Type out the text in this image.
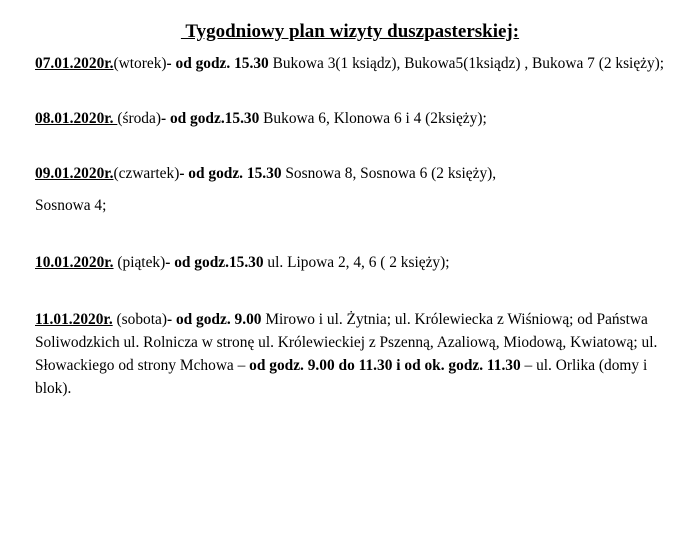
Tygodniowy plan wizyty duszpasterskiej:

07.01.2020r.(wtorek)- od godz. 15.30 Bukowa 3(1 ksiądz), Bukowa5(1ksiądz) , Bukowa 7 (2 księży);

08.01.2020r. (środa)- od godz.15.30 Bukowa 6, Klonowa 6 i 4 (2księży);

09.01.2020r.(czwartek)- od godz. 15.30 Sosnowa 8, Sosnowa 6 (2 księży),
Sosnowa 4;

10.01.2020r. (piątek)- od godz.15.30 ul. Lipowa 2, 4, 6 ( 2 księży);

11.01.2020r. (sobota)- od godz. 9.00 Mirowo i ul. Żytnia; ul. Królewiecka z Wiśniową; od Państwa Soliwodzkich ul. Rolnicza w stronę ul. Królewieckiej z Pszenną, Azaliową, Miodową, Kwiatową; ul. Słowackiego od strony Mchowa – od godz. 9.00 do 11.30 i od ok. godz. 11.30 – ul. Orlika (domy i blok).
